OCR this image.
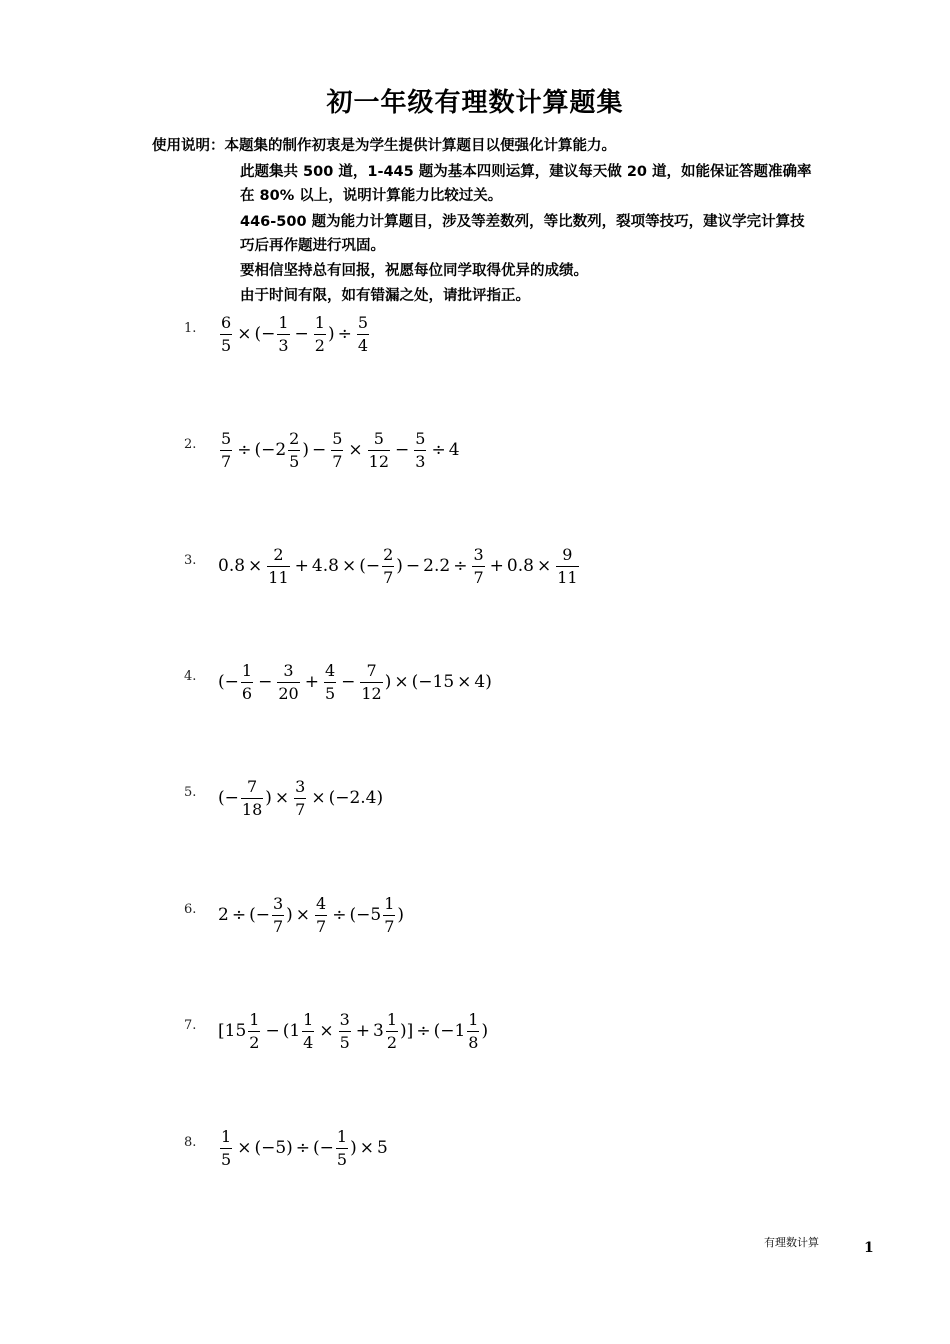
初一年级有理数计算题集
使用说明：本题集的制作初衷是为学生提供计算题目以便强化计算能力。
此题集共 500 道，1-445 题为基本四则运算，建议每天做 20 道，如能保证答题准确率
在 80% 以上，说明计算能力比较过关。
446-500 题为能力计算题目，涉及等差数列，等比数列，裂项等技巧，建议学完计算技
巧后再作题进行巩固。
要相信坚持总有回报，祝愿每位同学取得优异的成绩。
由于时间有限，如有错漏之处，请批评指正。
1. $\frac{6}{5}$ × (− $\frac{1}{3} - \frac{1}{2}$ ) ÷ $\frac{5}{4}$
2. $\frac{5}{7} \div (-2 \frac{2}{5}$ ) − $\frac{5}{7} \times \frac{5}{12} - \frac{5}{3} \div 4$
3. $0.8 \times \frac{2}{11} + 4.8$ × (− $\frac{2}{7}$ ) − $2.2 \div \frac{3}{7} + 0.8 \times \frac{9}{11}$
4. (− $\frac{1}{6} - \frac{3}{20} + \frac{4}{5} - \frac{7}{12}$ ) × (−15 × 4)
5. (− $\frac{7}{18}$ ) × $\frac{3}{7} \times (-2.4)$
6. 2 ÷ (− $\frac{3}{7}$ ) × $\frac{4}{7} \div (-5 \frac{1}{7}$ )
7. [$15 \frac{1}{2} - (1 \frac{1}{4} \times \frac{3}{5} + 3 \frac{1}{2}$ )] ÷ ($-1 \frac{1}{8}$ )
8. $\frac{1}{5} \times (-5)$ ÷ (− $\frac{1}{5}$ ) × 5
有理数计算	1
